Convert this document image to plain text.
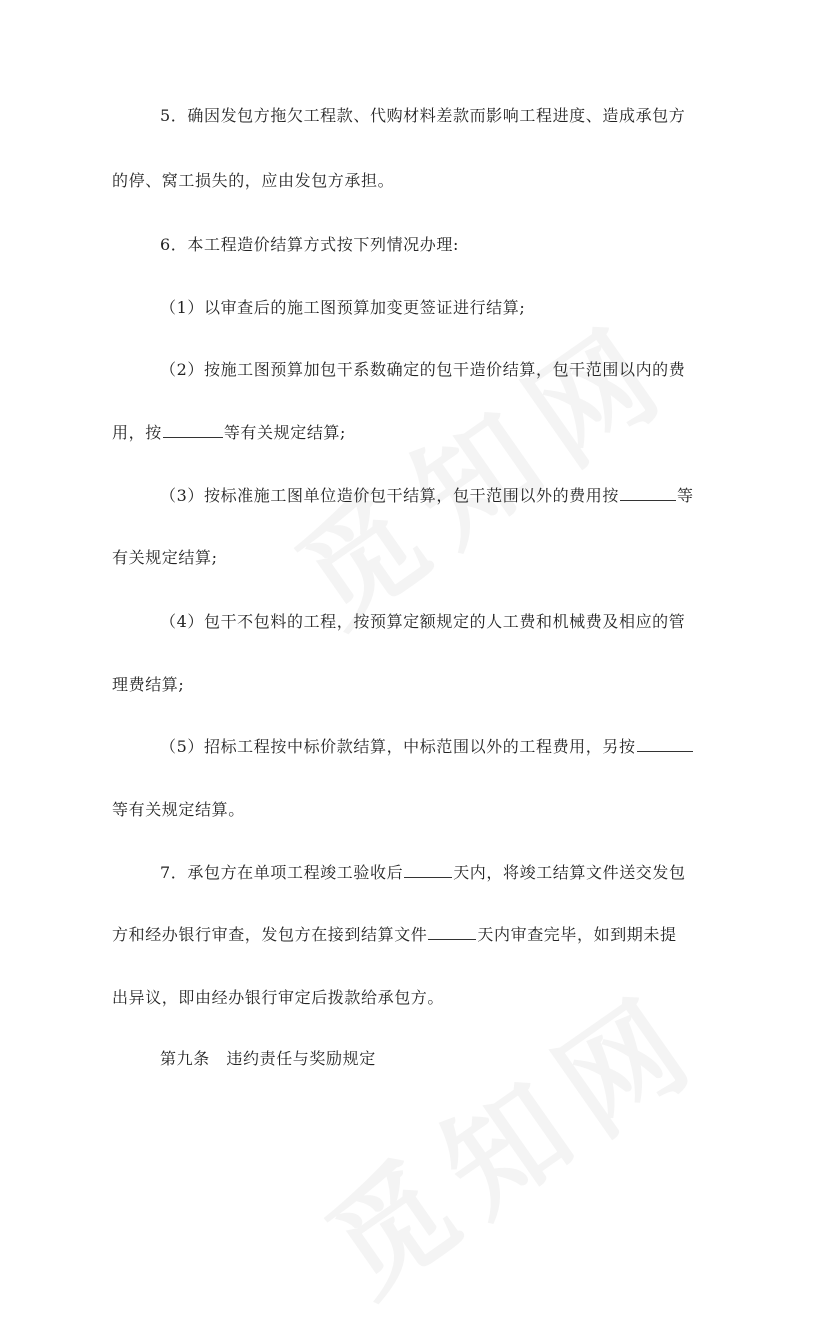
5．确因发包方拖欠工程款、代购材料差款而影响工程进度、造成承包方
的停、窝工损失的，应由发包方承担。
6．本工程造价结算方式按下列情况办理:
（1）以审查后的施工图预算加变更签证进行结算;
（2）按施工图预算加包干系数确定的包干造价结算，包干范围以内的费
用，按	等有关规定结算;
（3）按标准施工图单位造价包干结算，包干范围以外的费用按	等
有关规定结算;
（4）包干不包料的工程，按预算定额规定的人工费和机械费及相应的管
理费结算;
（5）招标工程按中标价款结算，中标范围以外的工程费用，另按
等有关规定结算。
7．承包方在单项工程竣工验收后	天内，将竣工结算文件送交发包
方和经办银行审查，发包方在接到结算文件	天内审查完毕，如到期未提
出异议，即由经办银行审定后拨款给承包方。
第九条　违约责任与奖励规定
